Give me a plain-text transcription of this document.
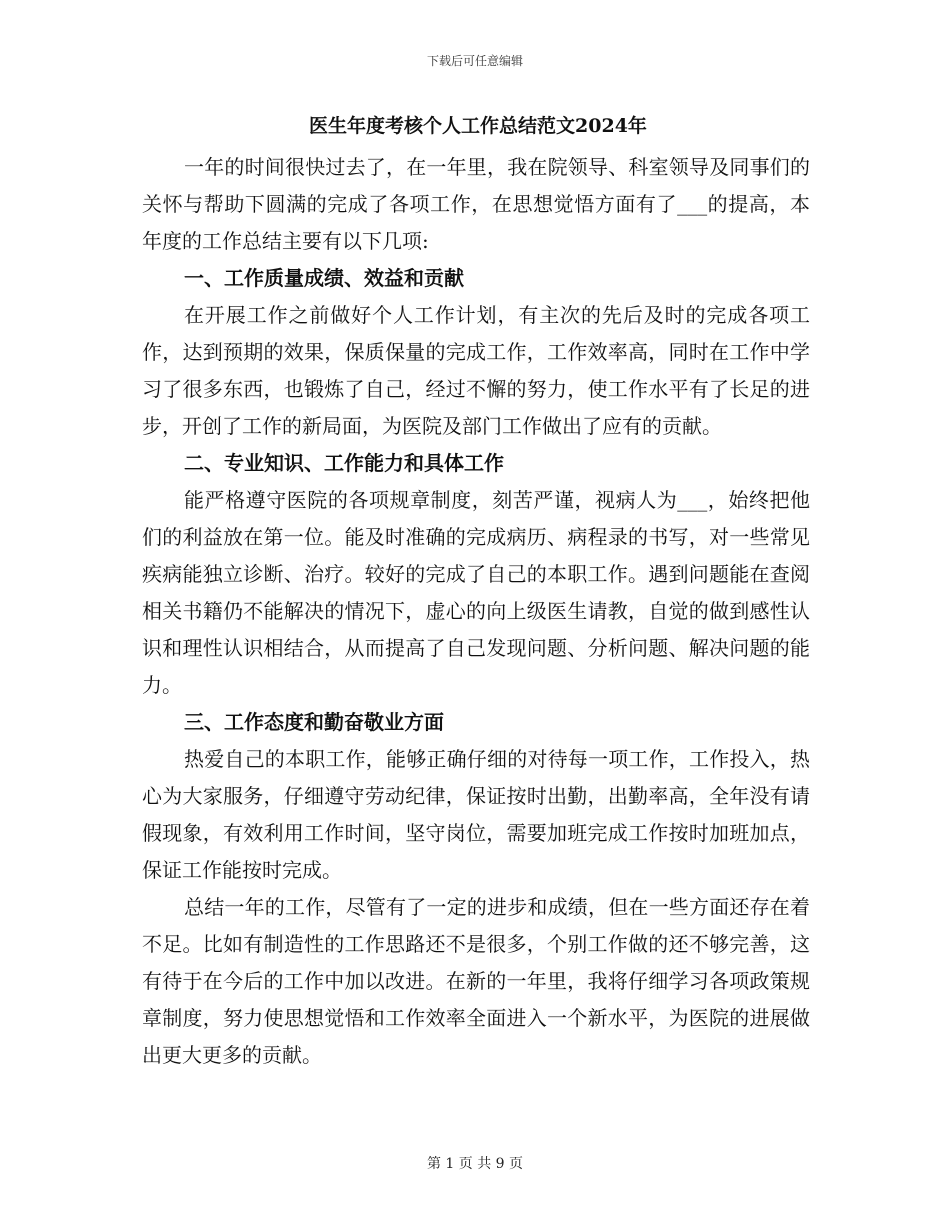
下载后可任意编辑
医生年度考核个人工作总结范文2024年

一年的时间很快过去了，在一年里，我在院领导、科室领导及同事们的关怀与帮助下圆满的完成了各项工作，在思想觉悟方面有了___的提高，本年度的工作总结主要有以下几项:

一、工作质量成绩、效益和贡献

在开展工作之前做好个人工作计划，有主次的先后及时的完成各项工作，达到预期的效果，保质保量的完成工作，工作效率高，同时在工作中学习了很多东西，也锻炼了自己，经过不懈的努力，使工作水平有了长足的进步，开创了工作的新局面，为医院及部门工作做出了应有的贡献。

二、专业知识、工作能力和具体工作

能严格遵守医院的各项规章制度，刻苦严谨，视病人为___，始终把他们的利益放在第一位。能及时准确的完成病历、病程录的书写，对一些常见疾病能独立诊断、治疗。较好的完成了自己的本职工作。遇到问题能在查阅相关书籍仍不能解决的情况下，虚心的向上级医生请教，自觉的做到感性认识和理性认识相结合，从而提高了自己发现问题、分析问题、解决问题的能力。

三、工作态度和勤奋敬业方面

热爱自己的本职工作，能够正确仔细的对待每一项工作，工作投入，热心为大家服务，仔细遵守劳动纪律，保证按时出勤，出勤率高，全年没有请假现象，有效利用工作时间，坚守岗位，需要加班完成工作按时加班加点，保证工作能按时完成。

总结一年的工作，尽管有了一定的进步和成绩，但在一些方面还存在着不足。比如有制造性的工作思路还不是很多，个别工作做的还不够完善，这有待于在今后的工作中加以改进。在新的一年里，我将仔细学习各项政策规章制度，努力使思想觉悟和工作效率全面进入一个新水平，为医院的进展做出更大更多的贡献。

第 1 页 共 9 页
